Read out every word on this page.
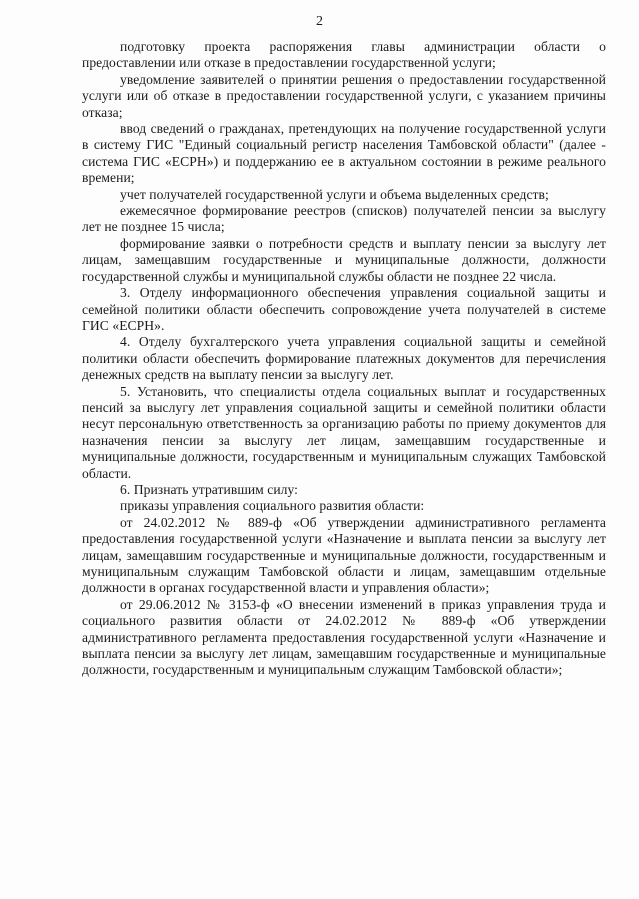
2

подготовку проекта распоряжения главы администрации области о предоставлении или отказе в предоставлении государственной услуги;

уведомление заявителей о принятии решения о предоставлении государственной услуги или об отказе в предоставлении государственной услуги, с указанием причины отказа;

ввод сведений о гражданах, претендующих на получение государственной услуги в систему ГИС "Единый социальный регистр населения Тамбовской области" (далее - система ГИС «ЕСРН») и поддержанию ее в актуальном состоянии в режиме реального времени;

учет получателей государственной услуги и объема выделенных средств;

ежемесячное формирование реестров (списков) получателей пенсии за выслугу лет не позднее 15 числа;

формирование заявки о потребности средств и выплату пенсии за выслугу лет лицам, замещавшим государственные и муниципальные должности, должности государственной службы и муниципальной службы области не позднее 22 числа.

3. Отделу информационного обеспечения управления социальной защиты и семейной политики области обеспечить сопровождение учета получателей в системе ГИС «ЕСРН».

4. Отделу бухгалтерского учета управления социальной защиты и семейной политики области обеспечить формирование платежных документов для перечисления денежных средств на выплату пенсии за выслугу лет.

5. Установить, что специалисты отдела социальных выплат и государственных пенсий за выслугу лет управления социальной защиты и семейной политики области несут персональную ответственность за организацию работы по приему документов для назначения пенсии за выслугу лет лицам, замещавшим государственные и муниципальные должности, государственным и муниципальным служащих Тамбовской области.

6. Признать утратившим силу:

приказы управления социального развития области:

от 24.02.2012 № 889-ф «Об утверждении административного регламента предоставления государственной услуги «Назначение и выплата пенсии за выслугу лет лицам, замещавшим государственные и муниципальные должности, государственным и муниципальным служащим Тамбовской области и лицам, замещавшим отдельные должности в органах государственной власти и управления области»;

от 29.06.2012 № 3153-ф «О внесении изменений в приказ управления труда и социального развития области от 24.02.2012 № 889-ф «Об утверждении административного регламента предоставления государственной услуги «Назначение и выплата пенсии за выслугу лет лицам, замещавшим государственные и муниципальные должности, государственным и муниципальным служащим Тамбовской области»;
